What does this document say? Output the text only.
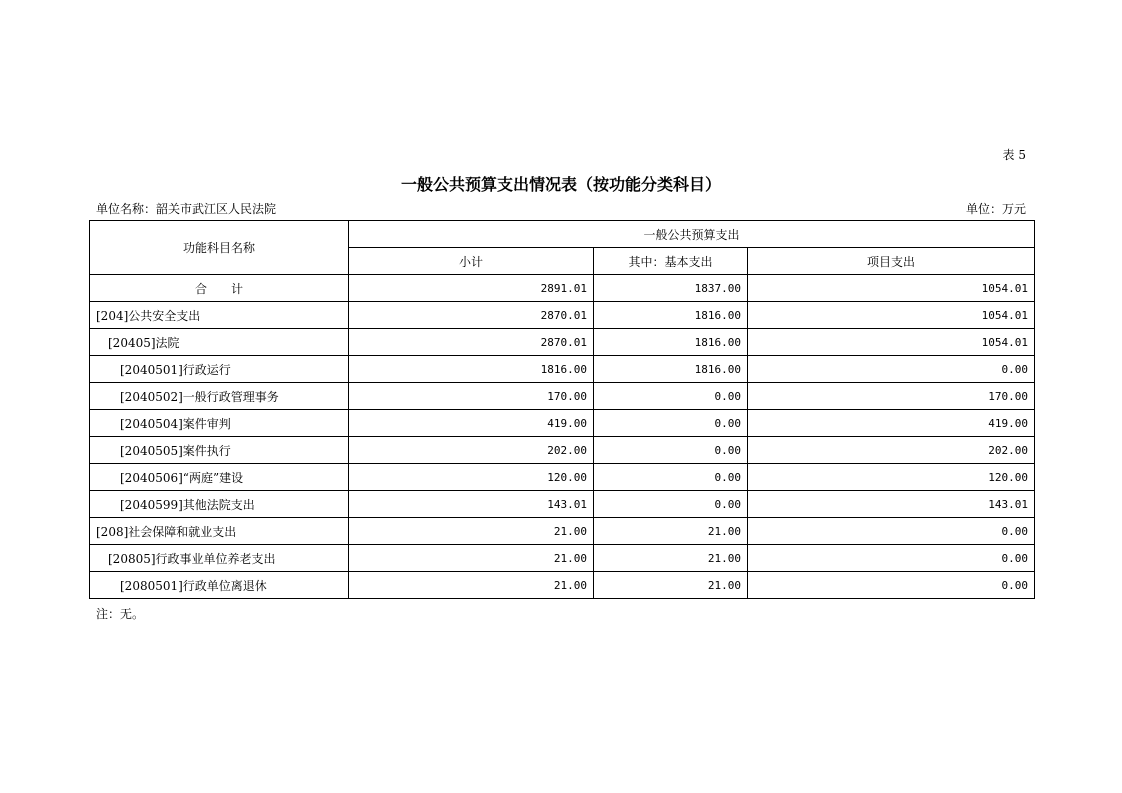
表 5
一般公共预算支出情况表（按功能分类科目）
单位名称：韶关市武江区人民法院	单位：万元
功能科目名称	一般公共预算支出		
	小计	其中：基本支出	项目支出
合　　计	2891.01	1837.00	1054.01
[204]公共安全支出	2870.01	1816.00	1054.01
[20405]法院	2870.01	1816.00	1054.01
[2040501]行政运行	1816.00	1816.00	0.00
[2040502]一般行政管理事务	170.00	0.00	170.00
[2040504]案件审判	419.00	0.00	419.00
[2040505]案件执行	202.00	0.00	202.00
[2040506]“两庭”建设	120.00	0.00	120.00
[2040599]其他法院支出	143.01	0.00	143.01
[208]社会保障和就业支出	21.00	21.00	0.00
[20805]行政事业单位养老支出	21.00	21.00	0.00
[2080501]行政单位离退休	21.00	21.00	0.00
注：无。
